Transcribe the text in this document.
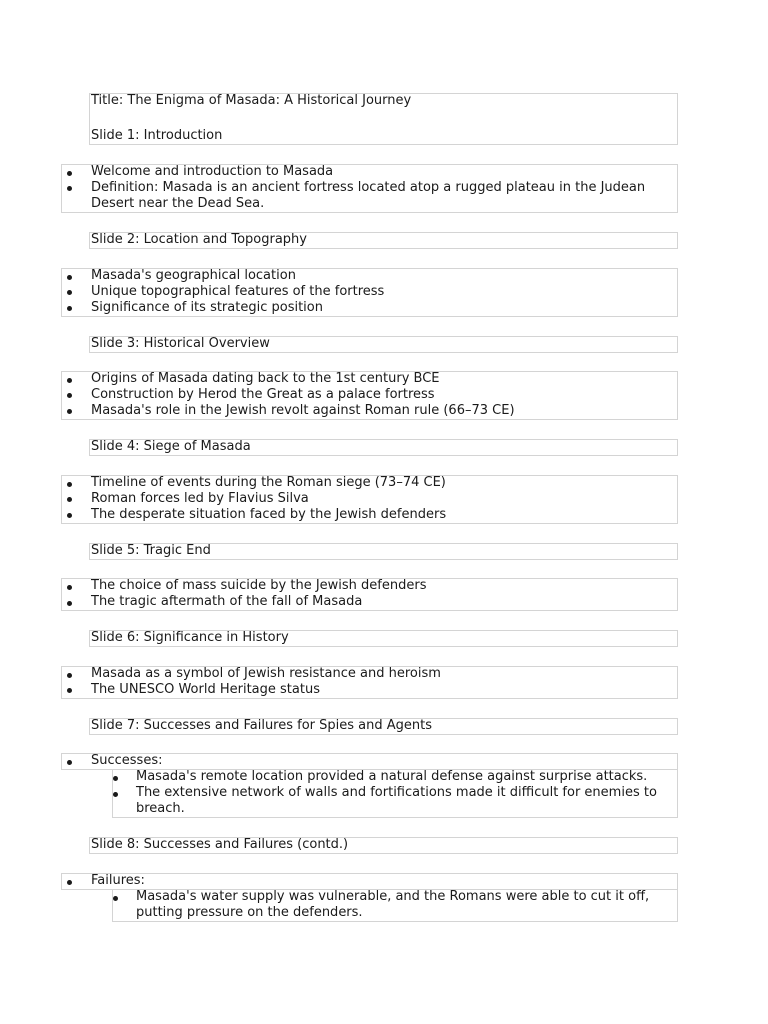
Title: The Enigma of Masada: A Historical Journey
Slide 1: Introduction
Welcome and introduction to Masada
Definition: Masada is an ancient fortress located atop a rugged plateau in the Judean
Desert near the Dead Sea.
Slide 2: Location and Topography
Masada's geographical location
Unique topographical features of the fortress
Significance of its strategic position
Slide 3: Historical Overview
Origins of Masada dating back to the 1st century BCE
Construction by Herod the Great as a palace fortress
Masada's role in the Jewish revolt against Roman rule (66–73 CE)
Slide 4: Siege of Masada
Timeline of events during the Roman siege (73–74 CE)
Roman forces led by Flavius Silva
The desperate situation faced by the Jewish defenders
Slide 5: Tragic End
The choice of mass suicide by the Jewish defenders
The tragic aftermath of the fall of Masada
Slide 6: Significance in History
Masada as a symbol of Jewish resistance and heroism
The UNESCO World Heritage status
Slide 7: Successes and Failures for Spies and Agents
Successes:
Masada's remote location provided a natural defense against surprise attacks.
The extensive network of walls and fortifications made it difficult for enemies to
breach.
Slide 8: Successes and Failures (contd.)
Failures:
Masada's water supply was vulnerable, and the Romans were able to cut it off,
putting pressure on the defenders.
